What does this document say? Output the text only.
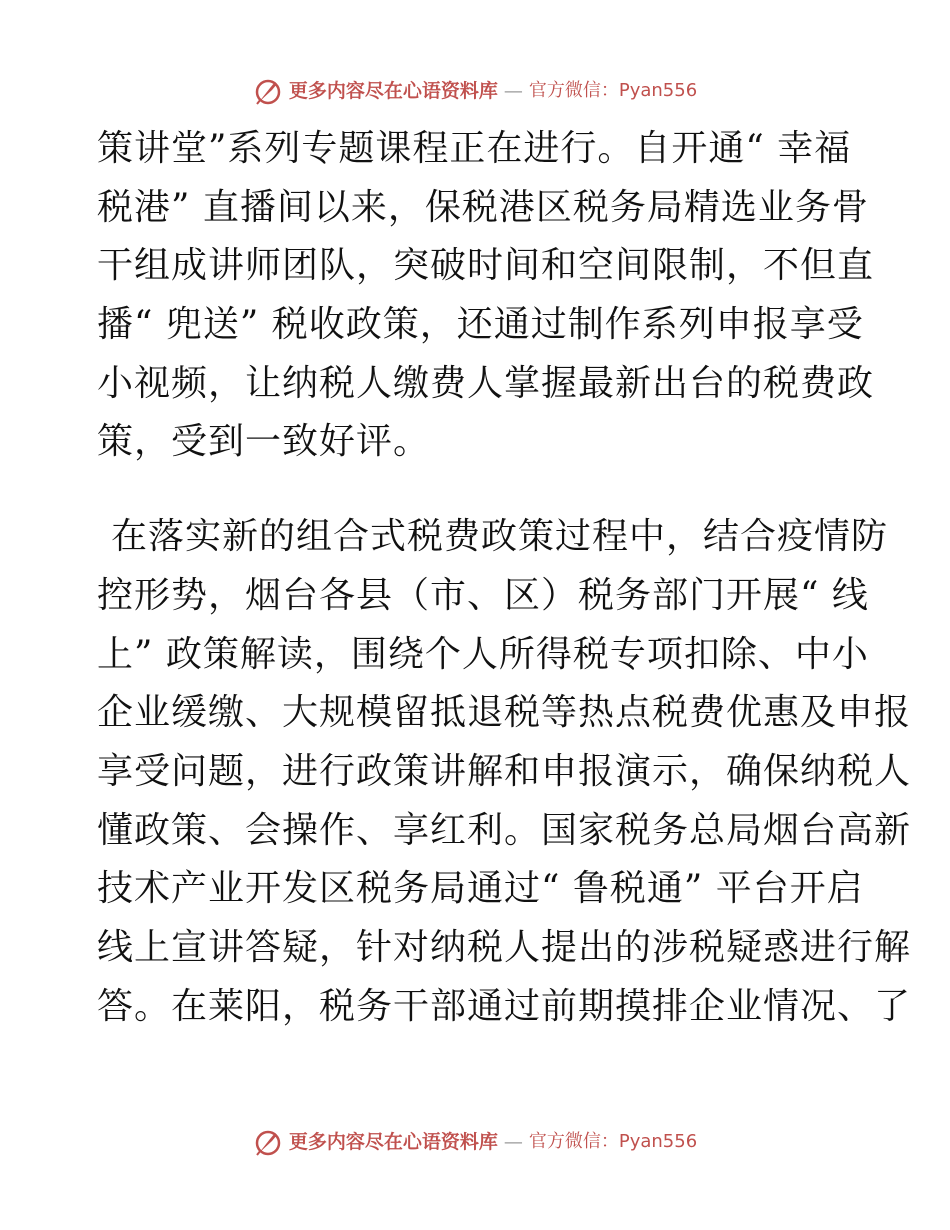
更多内容尽在心语资料库 — 官方微信：Pyan556
策讲堂”系列专题课程正在进行。自开通“ 幸福
税港” 直播间以来，保税港区税务局精选业务骨
干组成讲师团队，突破时间和空间限制，不但直
播“ 兜送” 税收政策，还通过制作系列申报享受
小视频，让纳税人缴费人掌握最新出台的税费政
策，受到一致好评。
在落实新的组合式税费政策过程中，结合疫情防
控形势，烟台各县（市、区）税务部门开展“ 线
上” 政策解读，围绕个人所得税专项扣除、中小
企业缓缴、大规模留抵退税等热点税费优惠及申报
享受问题，进行政策讲解和申报演示，确保纳税人
懂政策、会操作、享红利。国家税务总局烟台高新
技术产业开发区税务局通过“ 鲁税通” 平台开启
线上宣讲答疑，针对纳税人提出的涉税疑惑进行解
答。在莱阳，税务干部通过前期摸排企业情况、了
更多内容尽在心语资料库 — 官方微信：Pyan556
